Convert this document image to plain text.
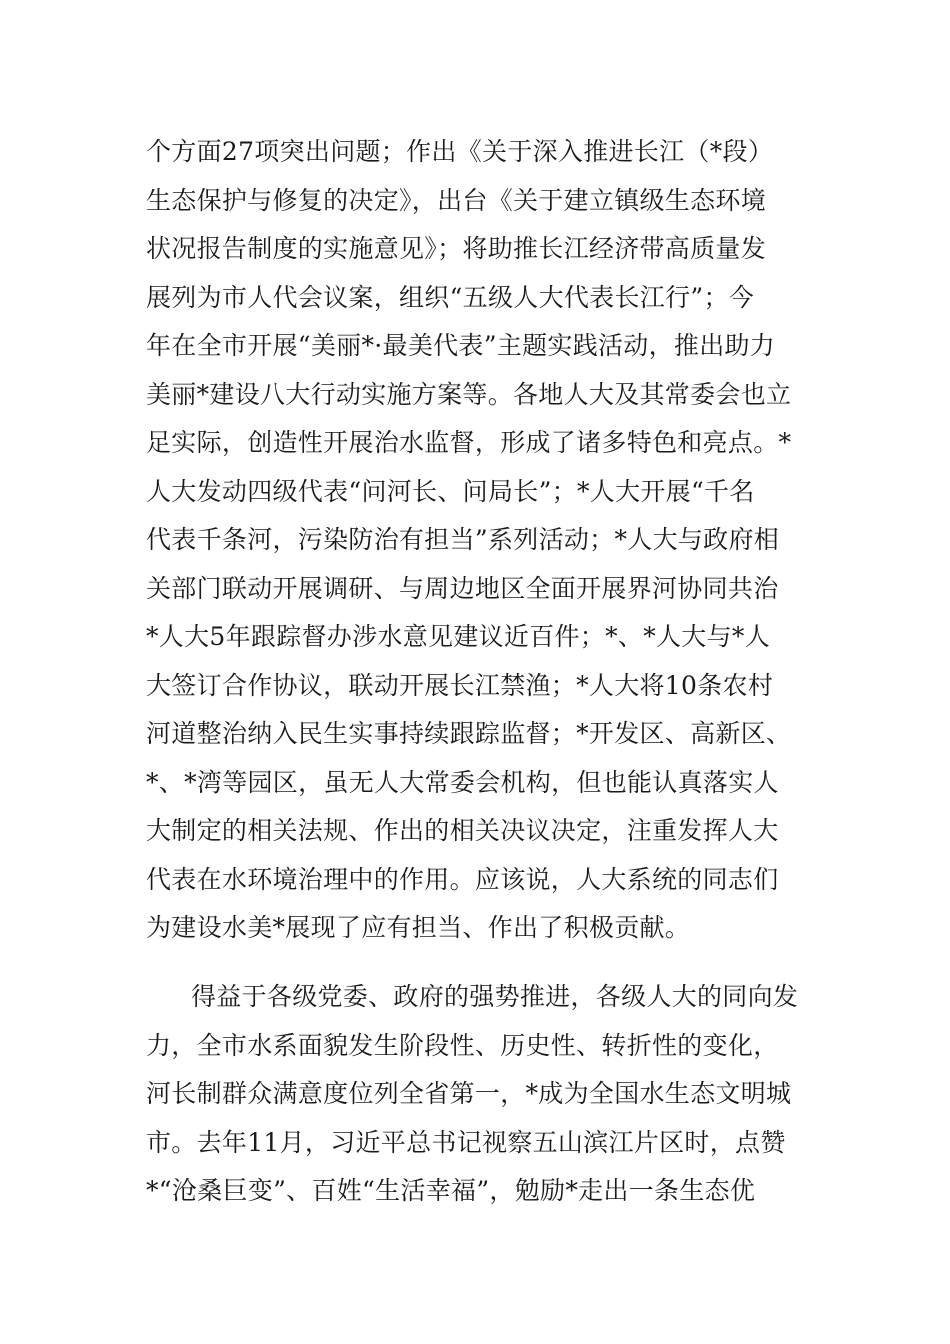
个方面27项突出问题；作出《关于深入推进长江（*段）
生态保护与修复的决定》，出台《关于建立镇级生态环境
状况报告制度的实施意见》；将助推长江经济带高质量发
展列为市人代会议案，组织“五级人大代表长江行”；今
年在全市开展“美丽*·最美代表”主题实践活动，推出助力
美丽*建设八大行动实施方案等。各地人大及其常委会也立
足实际，创造性开展治水监督，形成了诸多特色和亮点。*
人大发动四级代表“问河长、问局长”；*人大开展“千名
代表千条河，污染防治有担当”系列活动；*人大与政府相
关部门联动开展调研、与周边地区全面开展界河协同共治
*人大5年跟踪督办涉水意见建议近百件；*、*人大与*人
大签订合作协议，联动开展长江禁渔；*人大将10条农村
河道整治纳入民生实事持续跟踪监督；*开发区、高新区、
*、*湾等园区，虽无人大常委会机构，但也能认真落实人
大制定的相关法规、作出的相关决议决定，注重发挥人大
代表在水环境治理中的作用。应该说，人大系统的同志们
为建设水美*展现了应有担当、作出了积极贡献。
得益于各级党委、政府的强势推进，各级人大的同向发
力，全市水系面貌发生阶段性、历史性、转折性的变化，
河长制群众满意度位列全省第一，*成为全国水生态文明城
市。去年11月，习近平总书记视察五山滨江片区时，点赞
*“沧桑巨变”、百姓“生活幸福”，勉励*走出一条生态优
